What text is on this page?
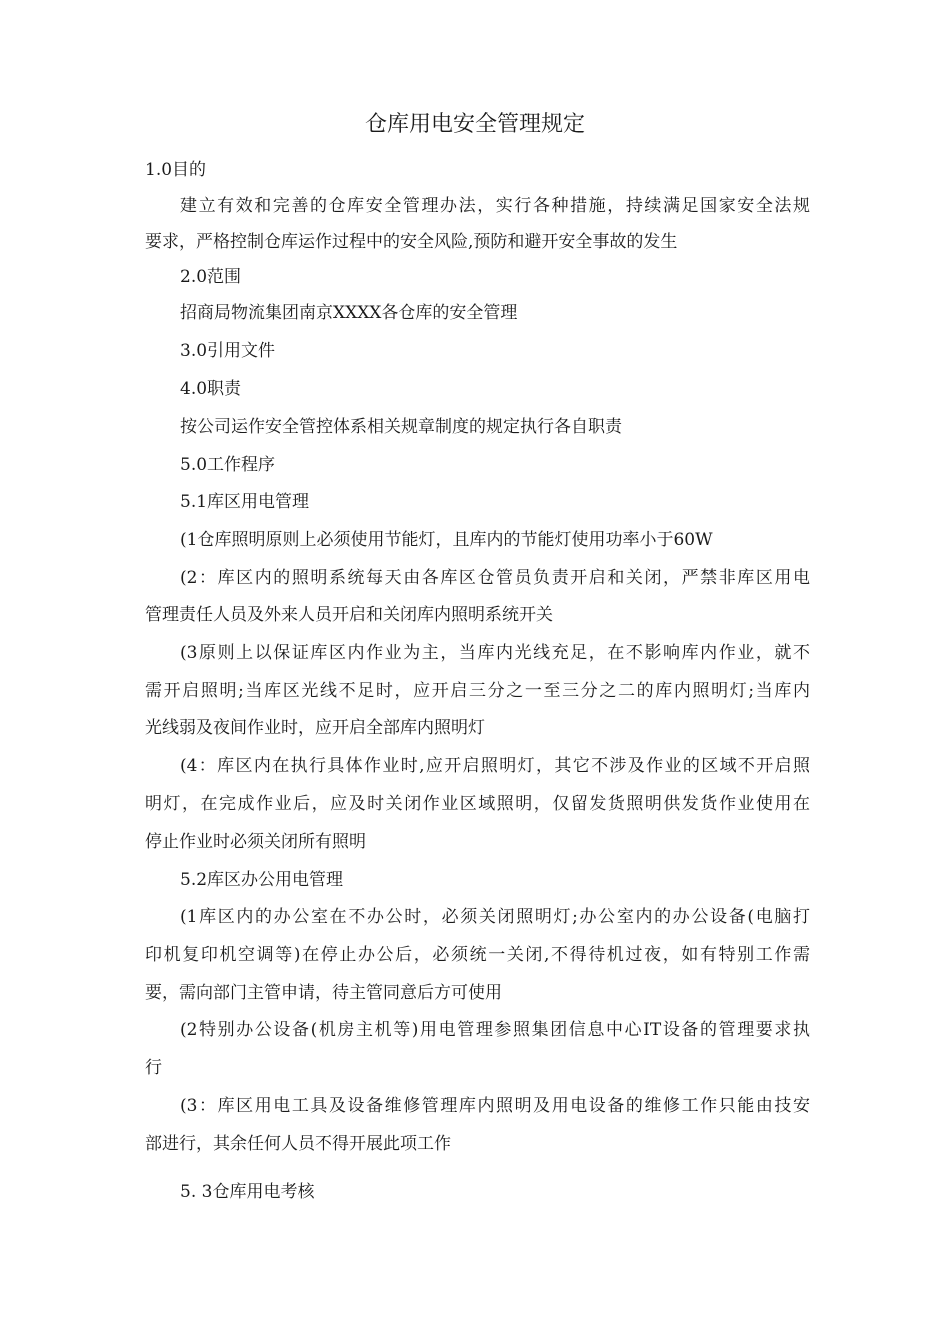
仓库用电安全管理规定
1.0目的
建立有效和完善的仓库安全管理办法，实行各种措施，持续满足国家安全法规
要求，严格控制仓库运作过程中的安全风险,预防和避开安全事故的发生
2.0范围
招商局物流集团南京XXXX各仓库的安全管理
3.0引用文件
4.0职责
按公司运作安全管控体系相关规章制度的规定执行各自职责
5.0工作程序
5.1库区用电管理
(1仓库照明原则上必须使用节能灯，且库内的节能灯使用功率小于60W
(2：库区内的照明系统每天由各库区仓管员负责开启和关闭，严禁非库区用电
管理责任人员及外来人员开启和关闭库内照明系统开关
(3原则上以保证库区内作业为主，当库内光线充足，在不影响库内作业，就不
需开启照明;当库区光线不足时，应开启三分之一至三分之二的库内照明灯;当库内
光线弱及夜间作业时，应开启全部库内照明灯
(4：库区内在执行具体作业时,应开启照明灯，其它不涉及作业的区域不开启照
明灯，在完成作业后，应及时关闭作业区域照明，仅留发货照明供发货作业使用在
停止作业时必须关闭所有照明
5.2库区办公用电管理
(1库区内的办公室在不办公时，必须关闭照明灯;办公室内的办公设备(电脑打
印机复印机空调等)在停止办公后，必须统一关闭,不得待机过夜，如有特别工作需
要，需向部门主管申请，待主管同意后方可使用
(2特别办公设备(机房主机等)用电管理参照集团信息中心IT设备的管理要求执
行
(3：库区用电工具及设备维修管理库内照明及用电设备的维修工作只能由技安
部进行，其余任何人员不得开展此项工作
5. 3仓库用电考核
